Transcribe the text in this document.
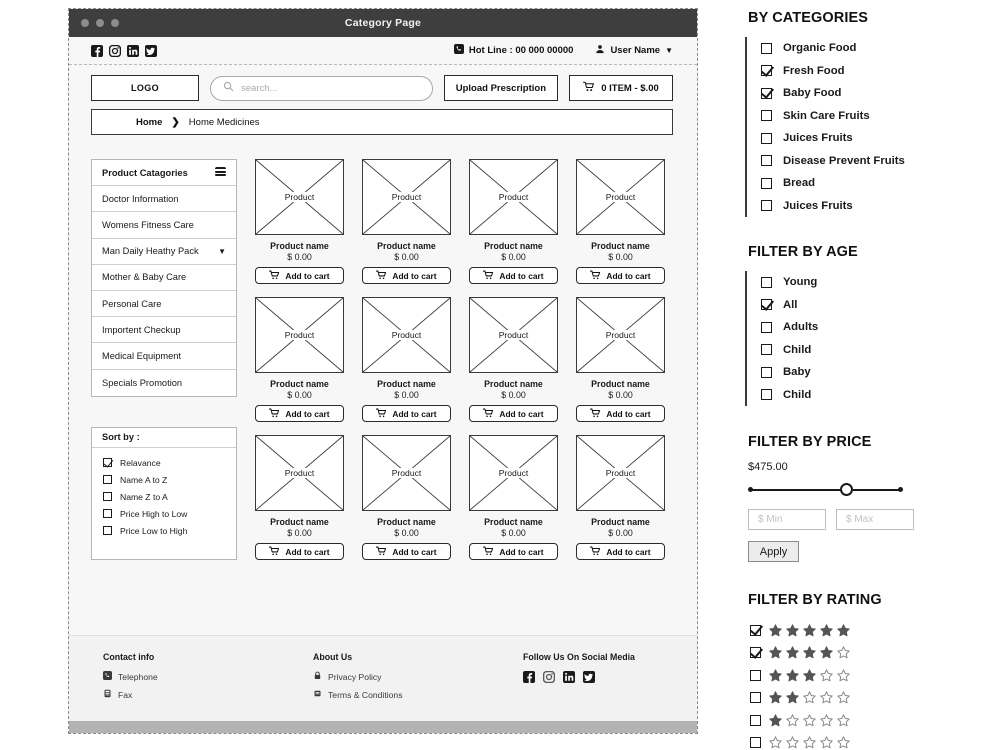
Category Page
Hot Line : 00 000 00000	User Name ▼
LOGO	search...	Upload Prescription	0 ITEM - $.00
Home ❯ Home Medicines
Product Catagories
Doctor Information
Womens Fitness Care
Man Daily Heathy Pack ▼
Mother & Baby Care
Personal Care
Importent Checkup
Medical Equipment
Specials Promotion
Sort by :
Relavance
Name A to Z
Name Z to A
Price High to Low
Price Low to High
Product
Product name
$ 0.00
Add to cart
Product
Product name
$ 0.00
Add to cart
Product
Product name
$ 0.00
Add to cart
Product
Product name
$ 0.00
Add to cart
Product
Product name
$ 0.00
Add to cart
Product
Product name
$ 0.00
Add to cart
Product
Product name
$ 0.00
Add to cart
Product
Product name
$ 0.00
Add to cart
Product
Product name
$ 0.00
Add to cart
Product
Product name
$ 0.00
Add to cart
Product
Product name
$ 0.00
Add to cart
Product
Product name
$ 0.00
Add to cart
Contact info
Telephone
Fax
About Us
Privacy Policy
Terms & Conditions
Follow Us On Social Media
BY CATEGORIES
Organic Food
Fresh Food
Baby Food
Skin Care Fruits
Juices Fruits
Disease Prevent Fruits
Bread
Juices Fruits
FILTER BY AGE
Young
All
Adults
Child
Baby
Child
FILTER BY PRICE
$475.00
$ Min	$ Max
Apply
FILTER BY RATING
